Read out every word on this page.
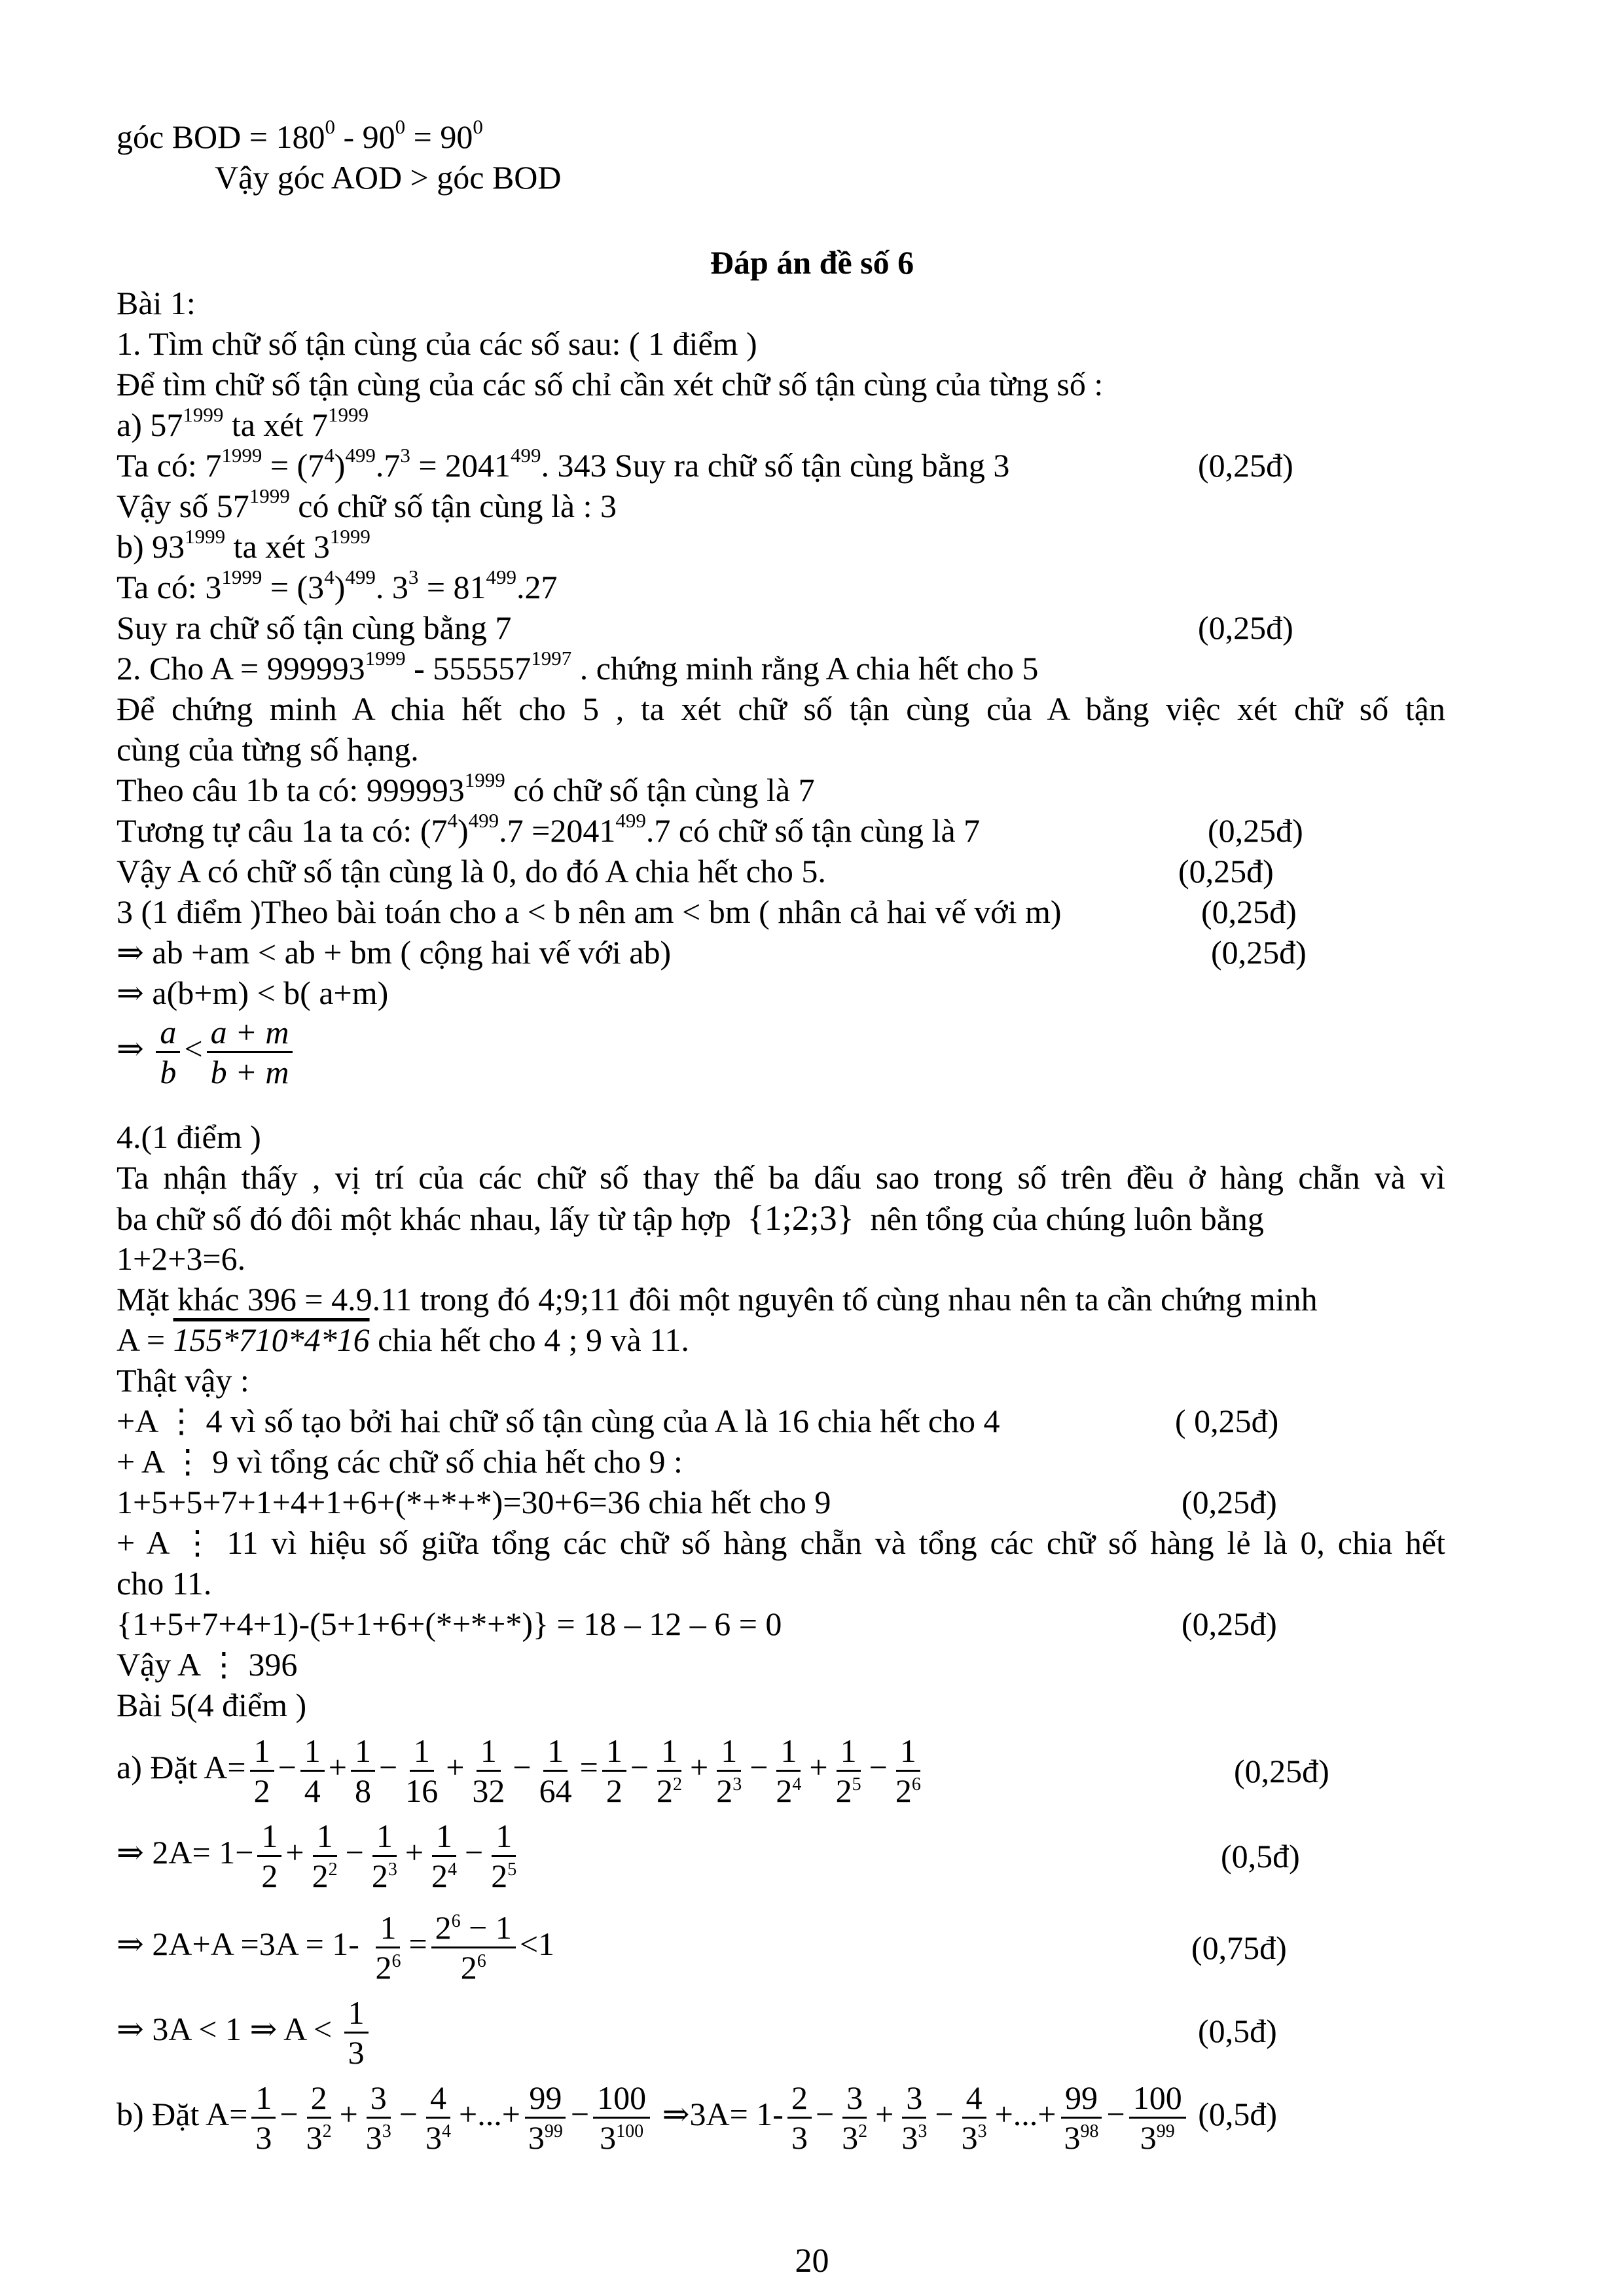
góc BOD = $180^0 - 90^0 = 90^0$
Vậy góc AOD > góc BOD
Đáp án đề số 6
Bài 1:
1. Tìm chữ số tận cùng của các số sau: ( 1 điểm )
Để tìm chữ số tận cùng của các số chỉ cần xét chữ số tận cùng của từng số :
a) $57^{1999}$ ta xét $7^{1999}$
Ta có: $7^{1999} = (7^4)^{499}.7^3 = 2041^{499}$. 343 Suy ra chữ số tận cùng bằng 3	(0,25đ)
Vậy số $57^{1999}$ có chữ số tận cùng là : 3
b) $93^{1999}$ ta xét $3^{1999}$
Ta có: $3^{1999} = (3^4)^{499}$. $3^3 = 81^{499}.27$
Suy ra chữ số tận cùng bằng 7	(0,25đ)
2. Cho $A = 999993^{1999} - 555557^{1997}$ . chứng minh rằng A chia hết cho 5
Để chứng minh A chia hết cho 5 , ta xét chữ số tận cùng của A bằng việc xét chữ số tận
cùng của từng số hạng.
Theo câu 1b ta có: $999993^{1999}$ có chữ số tận cùng là 7
Tương tự câu 1a ta có: $(7^4)^{499}.7 =2041^{499}.7$ có chữ số tận cùng là 7	(0,25đ)
Vậy A có chữ số tận cùng là 0, do đó A chia hết cho 5.	(0,25đ)
3 (1 điểm )Theo bài toán cho a < b nên am < bm ( nhân cả hai vế với m)	(0,25đ)
⇒ ab +am < ab + bm ( cộng hai vế với ab)	(0,25đ)
⇒ a(b+m) < b( a+m)
⇒ $\frac{a}{b} < \frac{a + m}{b + m}$
4.(1 điểm )
Ta nhận thấy , vị trí của các chữ số thay thế ba dấu sao trong số trên đều ở hàng chẵn và vì
ba chữ số đó đôi một khác nhau, lấy từ tập hợp {1;2;3} nên tổng của chúng luôn bằng
1+2+3=6.
Mặt khác 396 = 4.9.11 trong đó 4;9;11 đôi một nguyên tố cùng nhau nên ta cần chứng minh
A = 155*710*4*16 chia hết cho 4 ; 9 và 11.
Thật vậy :
+A ⋮ 4 vì số tạo bởi hai chữ số tận cùng của A là 16 chia hết cho 4	( 0,25đ)
+ A ⋮ 9 vì tổng các chữ số chia hết cho 9 :
1+5+5+7+1+4+1+6+(*+*+*)=30+6=36 chia hết cho 9	(0,25đ)
+ A ⋮ 11 vì hiệu số giữa tổng các chữ số hàng chẵn và tổng các chữ số hàng lẻ là 0, chia hết
cho 11.
{1+5+7+4+1)-(5+1+6+(*+*+*)} = 18 – 12 – 6 = 0	(0,25đ)
Vậy A ⋮ 396
Bài 5(4 điểm )
a) Đặt $A= \frac{1}{2} - \frac{1}{4} + \frac{1}{8} - \frac{1}{16} + \frac{1}{32} - \frac{1}{64} = \frac{1}{2} - \frac{1}{2^2} + \frac{1}{2^3} - \frac{1}{2^4} + \frac{1}{2^5} - \frac{1}{2^6}$	(0,25đ)
⇒ $2A= 1- \frac{1}{2} + \frac{1}{2^2} - \frac{1}{2^3} + \frac{1}{2^4} - \frac{1}{2^5}$	(0,5đ)
⇒ $2A+A =3A = 1- \frac{1}{2^6} = \frac{2^6 - 1}{2^6} <1$	(0,75đ)
⇒ 3A < 1 ⇒ $A < \frac{1}{3}$	(0,5đ)
b) Đặt $A= \frac{1}{3} - \frac{2}{3^2} + \frac{3}{3^3} - \frac{4}{3^4}$ +...+ $\frac{99}{3^{99}} - \frac{100}{3^{100}}$ ⇒3A= $1- \frac{2}{3} - \frac{3}{3^2} + \frac{3}{3^3} - \frac{4}{3^3}$ +...+ $\frac{99}{3^{98}} - \frac{100}{3^{99}}$ (0,5đ)
20
